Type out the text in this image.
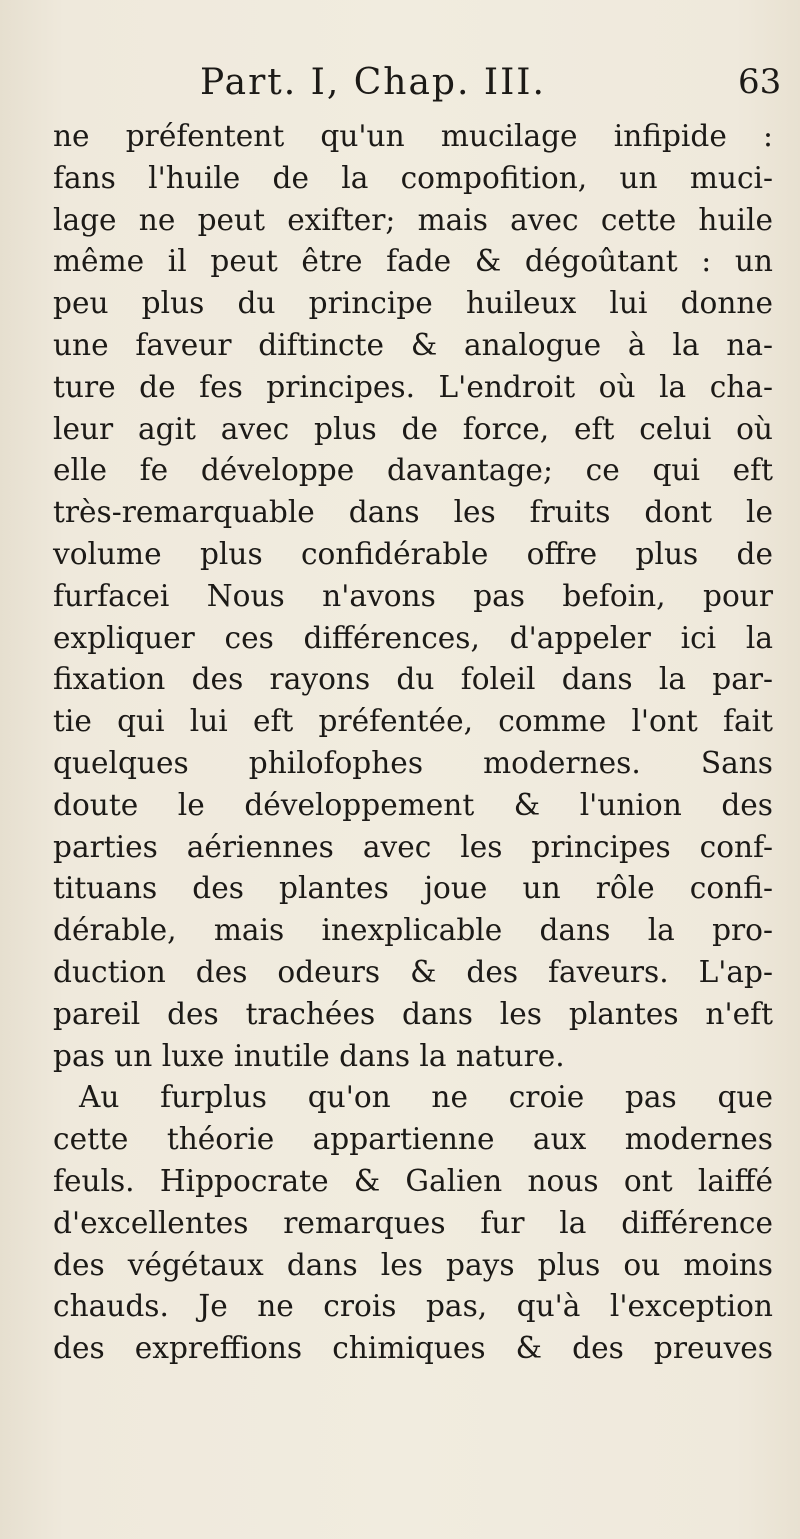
Part. I, Chap. III.	63
ne préfentent qu'un mucilage infipide :
fans l'huile de la compofition, un muci-
lage ne peut exifter; mais avec cette huile
même il peut être fade & dégoûtant : un
peu plus du principe huileux lui donne
une faveur diftincte & analogue à la na-
ture de fes principes. L'endroit où la cha-
leur agit avec plus de force, eft celui où
elle fe développe davantage; ce qui eft
très-remarquable dans les fruits dont le
volume plus confidérable offre plus de
furfacei Nous n'avons pas befoin, pour
expliquer ces différences, d'appeler ici la
fixation des rayons du foleil dans la par-
tie qui lui eft préfentée, comme l'ont fait
quelques philofophes modernes. Sans
doute le développement & l'union des
parties aériennes avec les principes conf-
tituans des plantes joue un rôle confi-
dérable, mais inexplicable dans la pro-
duction des odeurs & des faveurs. L'ap-
pareil des trachées dans les plantes n'eft
pas un luxe inutile dans la nature.
Au furplus qu'on ne croie pas que
cette théorie appartienne aux modernes
feuls. Hippocrate & Galien nous ont laiffé
d'excellentes remarques fur la différence
des végétaux dans les pays plus ou moins
chauds. Je ne crois pas, qu'à l'exception
des expreffions chimiques & des preuves
